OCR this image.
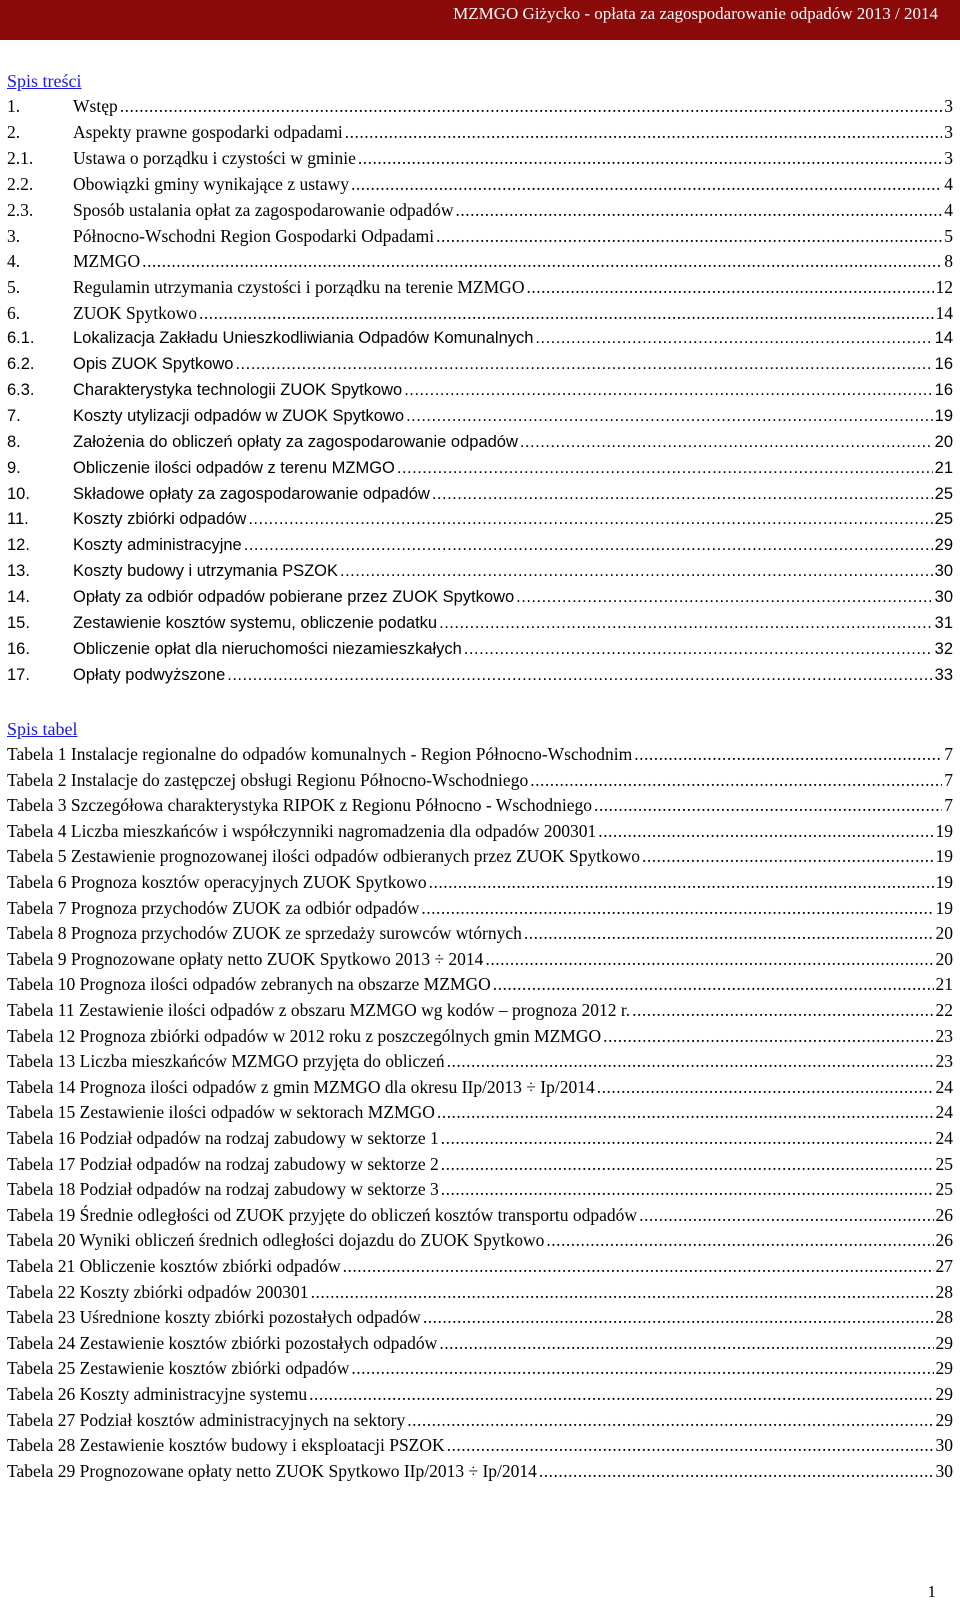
MZMGO Giżycko - opłata za zagospodarowanie odpadów 2013 / 2014
Spis treści
1.	Wstęp .....	3
2.	Aspekty prawne gospodarki odpadami .....	3
2.1.	Ustawa o porządku i czystości w gminie .....	3
2.2.	Obowiązki gminy wynikające z ustawy .....	4
2.3.	Sposób ustalania opłat za zagospodarowanie odpadów .....	4
3.	Północno-Wschodni Region Gospodarki Odpadami .....	5
4.	MZMGO .....	8
5.	Regulamin utrzymania czystości i porządku na terenie MZMGO .....	12
6.	ZUOK Spytkowo .....	14
6.1.	Lokalizacja Zakładu Unieszkodliwiania Odpadów Komunalnych .....	14
6.2.	Opis ZUOK Spytkowo .....	16
6.3.	Charakterystyka technologii ZUOK Spytkowo .....	16
7.	Koszty utylizacji odpadów w ZUOK Spytkowo .....	19
8.	Założenia do obliczeń opłaty za zagospodarowanie odpadów .....	20
9.	Obliczenie ilości odpadów z terenu MZMGO .....	21
10.	Składowe opłaty za zagospodarowanie odpadów .....	25
11.	Koszty zbiórki odpadów .....	25
12.	Koszty administracyjne .....	29
13.	Koszty budowy i utrzymania PSZOK .....	30
14.	Opłaty za odbiór odpadów pobierane przez ZUOK Spytkowo .....	30
15.	Zestawienie kosztów systemu, obliczenie podatku .....	31
16.	Obliczenie opłat dla nieruchomości niezamieszkałych .....	32
17.	Opłaty podwyższone .....	33
Spis tabel
Tabela 1 Instalacje regionalne do odpadów komunalnych - Region Północno-Wschodnim .....	7
Tabela 2 Instalacje do zastępczej obsługi Regionu Północno-Wschodniego .....	7
Tabela 3 Szczegółowa charakterystyka RIPOK z Regionu Północno - Wschodniego .....	7
Tabela 4 Liczba mieszkańców i współczynniki nagromadzenia dla odpadów 200301 .....	19
Tabela 5 Zestawienie prognozowanej ilości odpadów odbieranych przez ZUOK Spytkowo .....	19
Tabela 6 Prognoza kosztów operacyjnych ZUOK Spytkowo .....	19
Tabela 7 Prognoza przychodów ZUOK za odbiór odpadów .....	19
Tabela 8 Prognoza przychodów ZUOK ze sprzedaży surowców wtórnych .....	20
Tabela 9 Prognozowane opłaty netto ZUOK Spytkowo 2013 ÷ 2014 .....	20
Tabela 10 Prognoza ilości odpadów zebranych na obszarze MZMGO .....	21
Tabela 11 Zestawienie ilości odpadów z obszaru MZMGO wg kodów – prognoza 2012 r. .....	22
Tabela 12 Prognoza zbiórki odpadów w 2012 roku z poszczególnych gmin MZMGO .....	23
Tabela 13 Liczba mieszkańców MZMGO przyjęta do obliczeń .....	23
Tabela 14 Prognoza ilości odpadów z gmin MZMGO dla okresu IIp/2013 ÷ Ip/2014 .....	24
Tabela 15 Zestawienie ilości odpadów w sektorach MZMGO .....	24
Tabela 16 Podział odpadów na rodzaj zabudowy w sektorze 1 .....	24
Tabela 17 Podział odpadów na rodzaj zabudowy w sektorze 2 .....	25
Tabela 18 Podział odpadów na rodzaj zabudowy w sektorze 3 .....	25
Tabela 19 Średnie odległości od ZUOK przyjęte do obliczeń kosztów transportu odpadów .....	26
Tabela 20 Wyniki obliczeń średnich odległości dojazdu do ZUOK Spytkowo .....	26
Tabela 21 Obliczenie kosztów zbiórki odpadów .....	27
Tabela 22 Koszty zbiórki odpadów 200301 .....	28
Tabela 23 Uśrednione koszty zbiórki pozostałych odpadów .....	28
Tabela 24 Zestawienie kosztów zbiórki pozostałych odpadów .....	29
Tabela 25 Zestawienie kosztów zbiórki odpadów .....	29
Tabela 26 Koszty administracyjne systemu .....	29
Tabela 27 Podział kosztów administracyjnych na sektory .....	29
Tabela 28 Zestawienie kosztów budowy i eksploatacji PSZOK .....	30
Tabela 29 Prognozowane opłaty netto ZUOK Spytkowo IIp/2013 ÷ Ip/2014 .....	30
1
